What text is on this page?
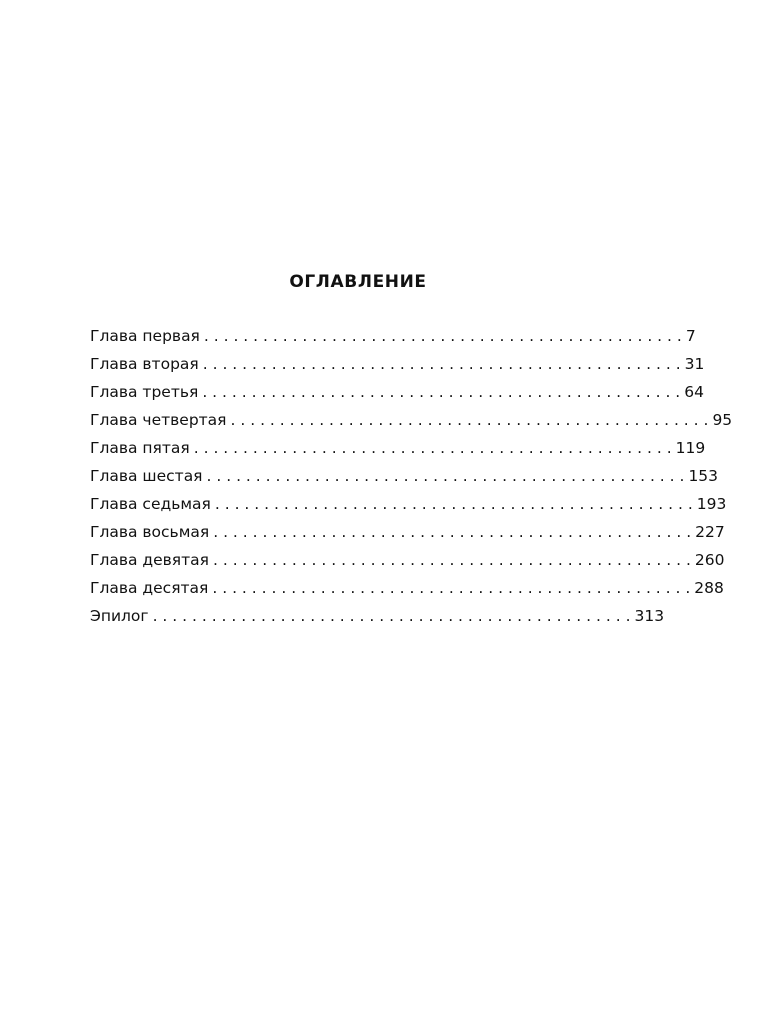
ОГЛАВЛЕНИЕ
Глава первая . . . . . . . . . . . . . . . . . . . . . . . . . . . . . . . . . . . . . . . . . . . . . . . . . 7
Глава вторая . . . . . . . . . . . . . . . . . . . . . . . . . . . . . . . . . . . . . . . . . . . . . . . . . 31
Глава третья . . . . . . . . . . . . . . . . . . . . . . . . . . . . . . . . . . . . . . . . . . . . . . . . . 64
Глава четвертая . . . . . . . . . . . . . . . . . . . . . . . . . . . . . . . . . . . . . . . . . . . . . . . . . 95
Глава пятая . . . . . . . . . . . . . . . . . . . . . . . . . . . . . . . . . . . . . . . . . . . . . . . . . 119
Глава шестая . . . . . . . . . . . . . . . . . . . . . . . . . . . . . . . . . . . . . . . . . . . . . . . . . 153
Глава седьмая . . . . . . . . . . . . . . . . . . . . . . . . . . . . . . . . . . . . . . . . . . . . . . . . . 193
Глава восьмая . . . . . . . . . . . . . . . . . . . . . . . . . . . . . . . . . . . . . . . . . . . . . . . . . 227
Глава девятая . . . . . . . . . . . . . . . . . . . . . . . . . . . . . . . . . . . . . . . . . . . . . . . . . 260
Глава десятая . . . . . . . . . . . . . . . . . . . . . . . . . . . . . . . . . . . . . . . . . . . . . . . . . 288
Эпилог . . . . . . . . . . . . . . . . . . . . . . . . . . . . . . . . . . . . . . . . . . . . . . . . . 313
